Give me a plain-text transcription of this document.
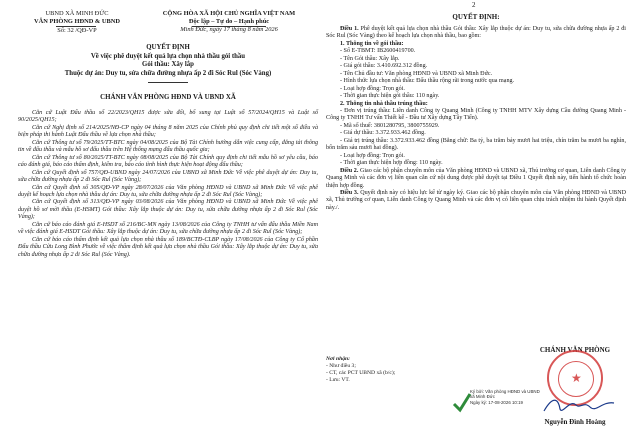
2
UBND XÃ MINH ĐỨC
VĂN PHÒNG HĐND & UBND
Số: 32 /QĐ-VP
CỘNG HÒA XÃ HỘI CHỦ NGHĨA VIỆT NAM
Độc lập – Tự do – Hạnh phúc
Minh Đức, ngày 17 tháng 8 năm 2026
QUYẾT ĐỊNH
Về việc phê duyệt kết quả lựa chọn nhà thầu gói thầu
Gói thầu: Xây lắp
Thuộc dự án: Duy tu, sửa chữa đường nhựa ấp 2 đi Sóc Rul (Sóc Vàng)
CHÁNH VĂN PHÒNG HĐND VÀ UBND XÃ

Căn cứ Luật Đấu thầu số 22/2023/QH15 được sửa đổi, bổ sung tại Luật số 57/2024/QH15 và Luật số 90/2025/QH15;

Căn cứ Nghị định số 214/2025/NĐ-CP ngày 04 tháng 8 năm 2025 của Chính phủ quy định chi tiết một số điều và biện pháp thi hành Luật Đấu thầu về lựa chọn nhà thầu;

Căn cứ Thông tư số 79/2025/TT-BTC ngày 04/08/2025 của Bộ Tài Chính hướng dẫn việc cung cấp, đăng tải thông tin về đấu thầu và mẫu hồ sơ đấu thầu trên Hệ thống mạng đấu thầu quốc gia;

Căn cứ Thông tư số 80/2025/TT-BTC ngày 08/08/2025 của Bộ Tài Chính quy định chi tiết mẫu hồ sơ yêu cầu, báo cáo đánh giá, báo cáo thẩm định, kiểm tra, báo cáo tình hình thực hiện hoạt động đấu thầu;

Căn cứ Quyết định số 757/QĐ-UBND ngày 24/07/2026 của UBND xã Minh Đức Về việc phê duyệt dự án: Duy tu, sửa chữa đường nhựa ấp 2 đi Sóc Rul (Sóc Vàng);

Căn cứ Quyết định số 305/QĐ-VP ngày 28/07/2026 của Văn phòng HĐND và UBND xã Minh Đức Về việc phê duyệt kế hoạch lựa chọn nhà thầu dự án: Duy tu, sửa chữa đường nhựa ấp 2 đi Sóc Rul (Sóc Vàng);

Căn cứ Quyết định số 313/QĐ-VP ngày 03/08/2026 của Văn phòng HĐND và UBND xã Minh Đức Về việc phê duyệt hồ sơ mời thầu (E-HSMT) Gói thầu: Xây lắp thuộc dự án: Duy tu, sửa chữa đường nhựa ấp 2 đi Sóc Rul (Sóc Vàng);

Căn cứ báo cáo đánh giá E-HSDT số 216/BC-MN ngày 13/08/2026 của Công ty TNHH tư vấn đấu thầu Miền Nam về việc đánh giá E-HSDT Gói thầu: Xây lắp thuộc dự án: Duy tu, sửa chữa đường nhựa ấp 2 đi Sóc Rul (Sóc Vàng);

Căn cứ báo cáo thẩm định kết quả lựa chọn nhà thầu số 189/BCTĐ-CLBP ngày 17/08/2026 của Công ty Cổ phần Đấu thầu Cửu Long Bình Phước về việc thẩm định kết quả lựa chọn nhà thầu Gói thầu: Xây lắp thuộc dự án: Duy tu, sửa chữa đường nhựa ấp 2 đi Sóc Rul (Sóc Vàng).

QUYẾT ĐỊNH:

Điều 1. Phê duyệt kết quả lựa chọn nhà thầu Gói thầu: Xây lắp thuộc dự án: Duy tu, sửa chữa đường nhựa ấp 2 đi Sóc Rul (Sóc Vàng) theo kế hoạch lựa chọn nhà thầu, bao gồm:

1. Thông tin về gói thầu:

- Số E-TBMT: IB2600419700.

- Tên Gói thầu: Xây lắp.

- Giá gói thầu: 3.410.692.312 đồng.

- Tên Chủ đầu tư: Văn phòng HĐND và UBND xã Minh Đức.

- Hình thức lựa chọn nhà thầu: Đấu thầu rộng rãi trong nước qua mạng.

- Loại hợp đồng: Trọn gói.

- Thời gian thực hiện gói thầu: 110 ngày.

2. Thông tin nhà thầu trúng thầu:

- Đơn vị trúng thầu: Liên danh Công ty Quang Minh (Công ty TNHH MTV Xây dựng Cầu đường Quang Minh - Công ty TNHH Tư vấn Thiết kế - Đầu tư Xây dựng Tây Tiến).

- Mã số thuế: 3801280795, 3800755929.

- Giá dự thầu: 3.372.933.462 đồng.

- Giá trị trúng thầu: 3.372.933.462 đồng (Bằng chữ: Ba tỷ, ba trăm bảy mươi hai triệu, chín trăm ba mươi ba nghìn, bốn trăm sáu mươi hai đồng).

- Loại hợp đồng: Trọn gói.

- Thời gian thực hiện hợp đồng: 110 ngày.

Điều 2. Giao các bộ phận chuyên môn của Văn phòng HĐND và UBND xã, Thủ trưởng cơ quan, Liên danh Công ty Quang Minh và các đơn vị liên quan căn cứ nội dung được phê duyệt tại Điều 1 Quyết định này, tiến hành tổ chức hoàn thiện hợp đồng.

Điều 3. Quyết định này có hiệu lực kể từ ngày ký. Giao các bộ phận chuyên môn của Văn phòng HĐND và UBND xã, Thủ trưởng cơ quan, Liên danh Công ty Quang Minh và các đơn vị có liên quan chịu trách nhiệm thi hành Quyết định này./.

Nơi nhận:
- Như điều 3;
- CT, các PCT UBND xã (b/c);
- Lưu: VT.
CHÁNH VĂN PHÒNG
★
Ký bởi: Văn phòng HĐND và UBND
xã Minh Đức
Ngày ký: 17-08-2026 10:19
Nguyễn Đình Hoàng
